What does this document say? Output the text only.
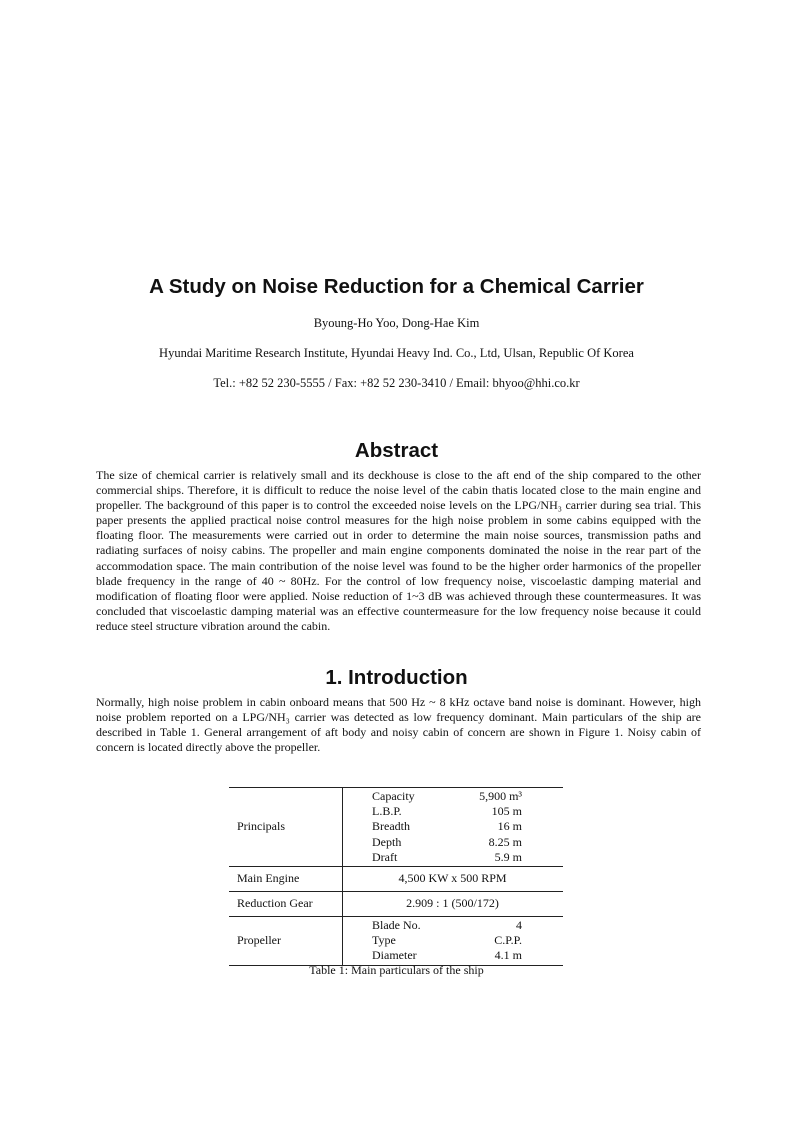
A Study on Noise Reduction for a Chemical Carrier
Byoung-Ho Yoo, Dong-Hae Kim
Hyundai Maritime Research Institute, Hyundai Heavy Ind. Co., Ltd, Ulsan, Republic Of Korea
Tel.: +82 52 230-5555 / Fax: +82 52 230-3410 / Email: bhyoo@hhi.co.kr
Abstract

The size of chemical carrier is relatively small and its deckhouse is close to the aft end of the ship compared to the other commercial ships. Therefore, it is difficult to reduce the noise level of the cabin thatis located close to the main engine and propeller. The background of this paper is to control the exceeded noise levels on the LPG/NH₃ carrier during sea trial. This paper presents the applied practical noise control measures for the high noise problem in some cabins equipped with the floating floor. The measurements were carried out in order to determine the main noise sources, transmission paths and radiating surfaces of noisy cabins. The propeller and main engine components dominated the noise in the rear part of the accommodation space. The main contribution of the noise level was found to be the higher order harmonics of the propeller blade frequency in the range of 40 ~ 80Hz. For the control of low frequency noise, viscoelastic damping material and modification of floating floor were applied. Noise reduction of 1~3 dB was achieved through these countermeasures. It was concluded that viscoelastic damping material was an effective countermeasure for the low frequency noise because it could reduce steel structure vibration around the cabin.

1. Introduction

Normally, high noise problem in cabin onboard means that 500 Hz ~ 8 kHz octave band noise is dominant. However, high noise problem reported on a LPG/NH₃ carrier was detected as low frequency dominant. Main particulars of the ship are described in Table 1. General arrangement of aft body and noisy cabin of concern are shown in Figure 1. Noisy cabin of concern is located directly above the propeller.

Principals
Capacity	5,900 m³
L.B.P.	105 m
Breadth	16 m
Depth	8.25 m
Draft	5.9 m
Main Engine	4,500 KW x 500 RPM
Reduction Gear	2.909 : 1 (500/172)
Propeller
Blade No.	4
Type	C.P.P.
Diameter	4.1 m
Table 1: Main particulars of the ship
